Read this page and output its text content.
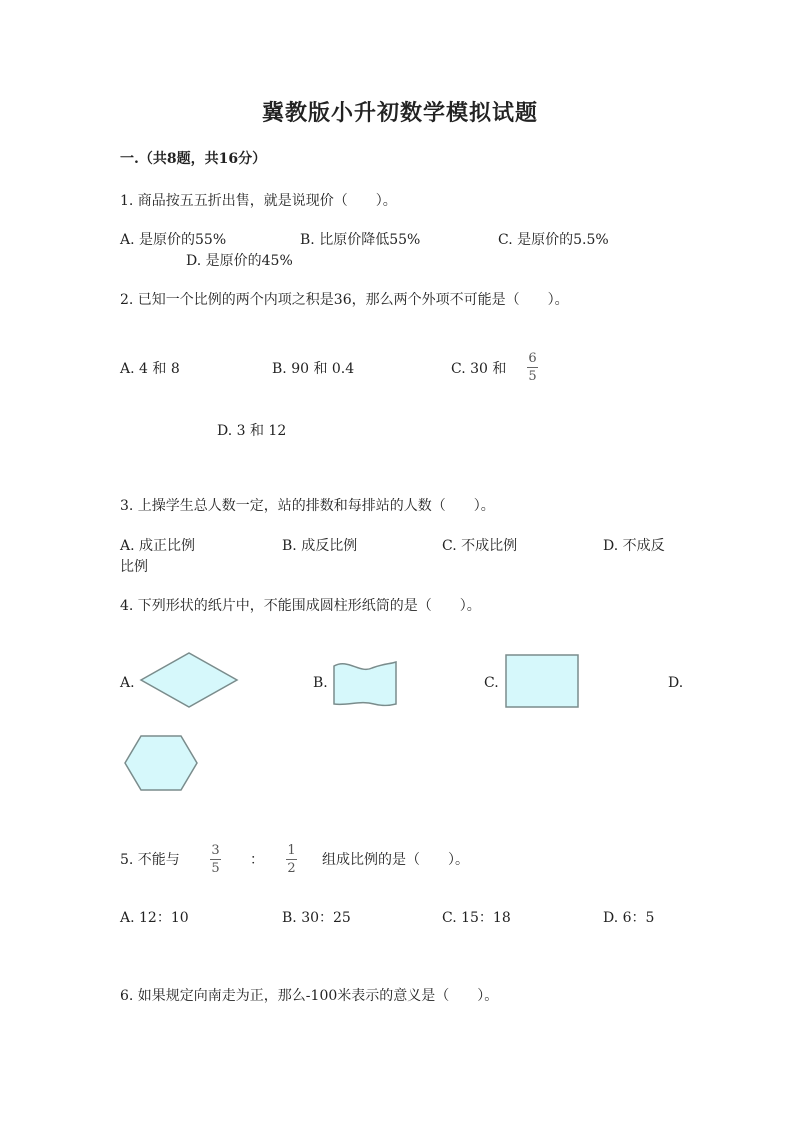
冀教版小升初数学模拟试题
一.（共8题，共16分）
1. 商品按五五折出售，就是说现价（　　）。
A. 是原价的55%	B. 比原价降低55%	C. 是原价的5.5%
D. 是原价的45%
2. 已知一个比例的两个内项之积是36，那么两个外项不可能是（　　）。
A. 4 和 8	B. 90 和 0.4	C. 30 和
6
5
D. 3 和 12
3. 上操学生总人数一定，站的排数和每排站的人数（　　）。
A. 成正比例	B. 成反比例	C. 不成比例	D. 不成反
比例
4. 下列形状的纸片中，不能围成圆柱形纸筒的是（　　）。
A.	B.	C.	D.
5. 不能与
3
5
：
1
2
组成比例的是（　　）。
A. 12：10	B. 30：25	C. 15：18	D. 6：5
6. 如果规定向南走为正，那么-100米表示的意义是（　　）。
